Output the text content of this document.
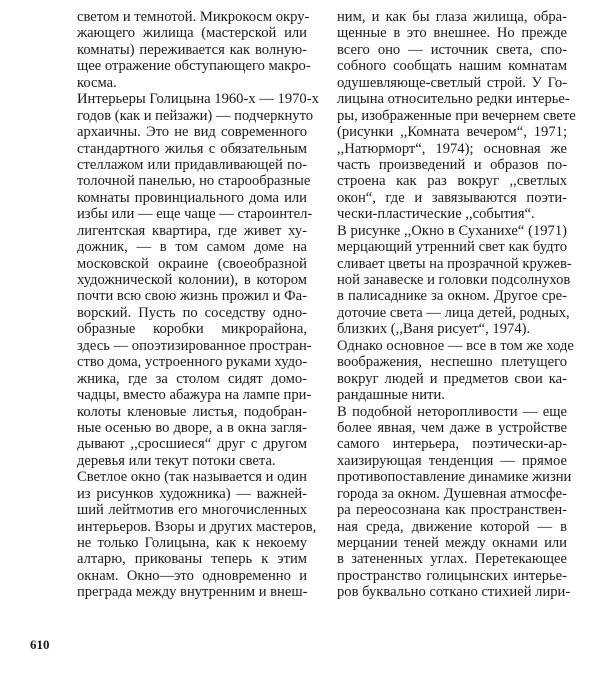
светом и темнотой. Микрокосм окру-
жающего жилища (мастерской или
комнаты) переживается как волную-
щее отражение обступающего макро-
косма.
Интерьеры Голицына 1960-х — 1970-х
годов (как и пейзажи) — подчеркнуто
архаичны. Это не вид современного
стандартного жилья с обязательным
стеллажом или придавливающей по-
толочной панелью, но старообразные
комнаты провинциального дома или
избы или — еще чаще — староинтел-
лигентская квартира, где живет ху-
дожник, — в том самом доме на
московской окраине (своеобразной
художнической колонии), в котором
почти всю свою жизнь прожил и Фа-
ворский. Пусть по соседству одно-
образные коробки микрорайона,
здесь — опоэтизированное простран-
ство дома, устроенного руками худо-
жника, где за столом сидят домо-
чадцы, вместо абажура на лампе при-
колоты кленовые листья, подобран-
ные осенью во дворе, а в окна загля-
дывают ,,сросшиеся“ друг с другом
деревья или текут потоки света.
Светлое окно (так называется и один
из рисунков художника) — важней-
ший лейтмотив его многочисленных
интерьеров. Взоры и других мастеров,
не только Голицына, как к некоему
алтарю, прикованы теперь к этим
окнам. Окно—это одновременно и
преграда между внутренним и внеш-
ним, и как бы глаза жилища, обра-
щенные в это внешнее. Но прежде
всего оно — источник света, спо-
собного сообщать нашим комнатам
одушевляюще-светлый строй. У Го-
лицына относительно редки интерье-
ры, изображенные при вечернем свете
(рисунки ,,Комната вечером“, 1971;
,,Натюрморт“, 1974); основная же
часть произведений и образов по-
строена как раз вокруг ,,светлых
окон“, где и завязываются поэти-
чески-пластические ,,события“.
В рисунке ,,Окно в Суханихе“ (1971)
мерцающий утренний свет как будто
сливает цветы на прозрачной кружев-
ной занавеске и головки подсолнухов
в палисаднике за окном. Другое сре-
доточие света — лица детей, родных,
близких (,,Ваня рисует“, 1974).
Однако основное — все в том же ходе
воображения, неспешно плетущего
вокруг людей и предметов свои ка-
рандашные нити.
В подобной неторопливости — еще
более явная, чем даже в устройстве
самого интерьера, поэтически-ар-
хаизирующая тенденция — прямое
противопоставление динамике жизни
города за окном. Душевная атмосфе-
ра переосознана как пространствен-
ная среда, движение которой — в
мерцании теней между окнами или
в затененных углах. Перетекающее
пространство голицынских интерье-
ров буквально соткано стихией лири-
610
